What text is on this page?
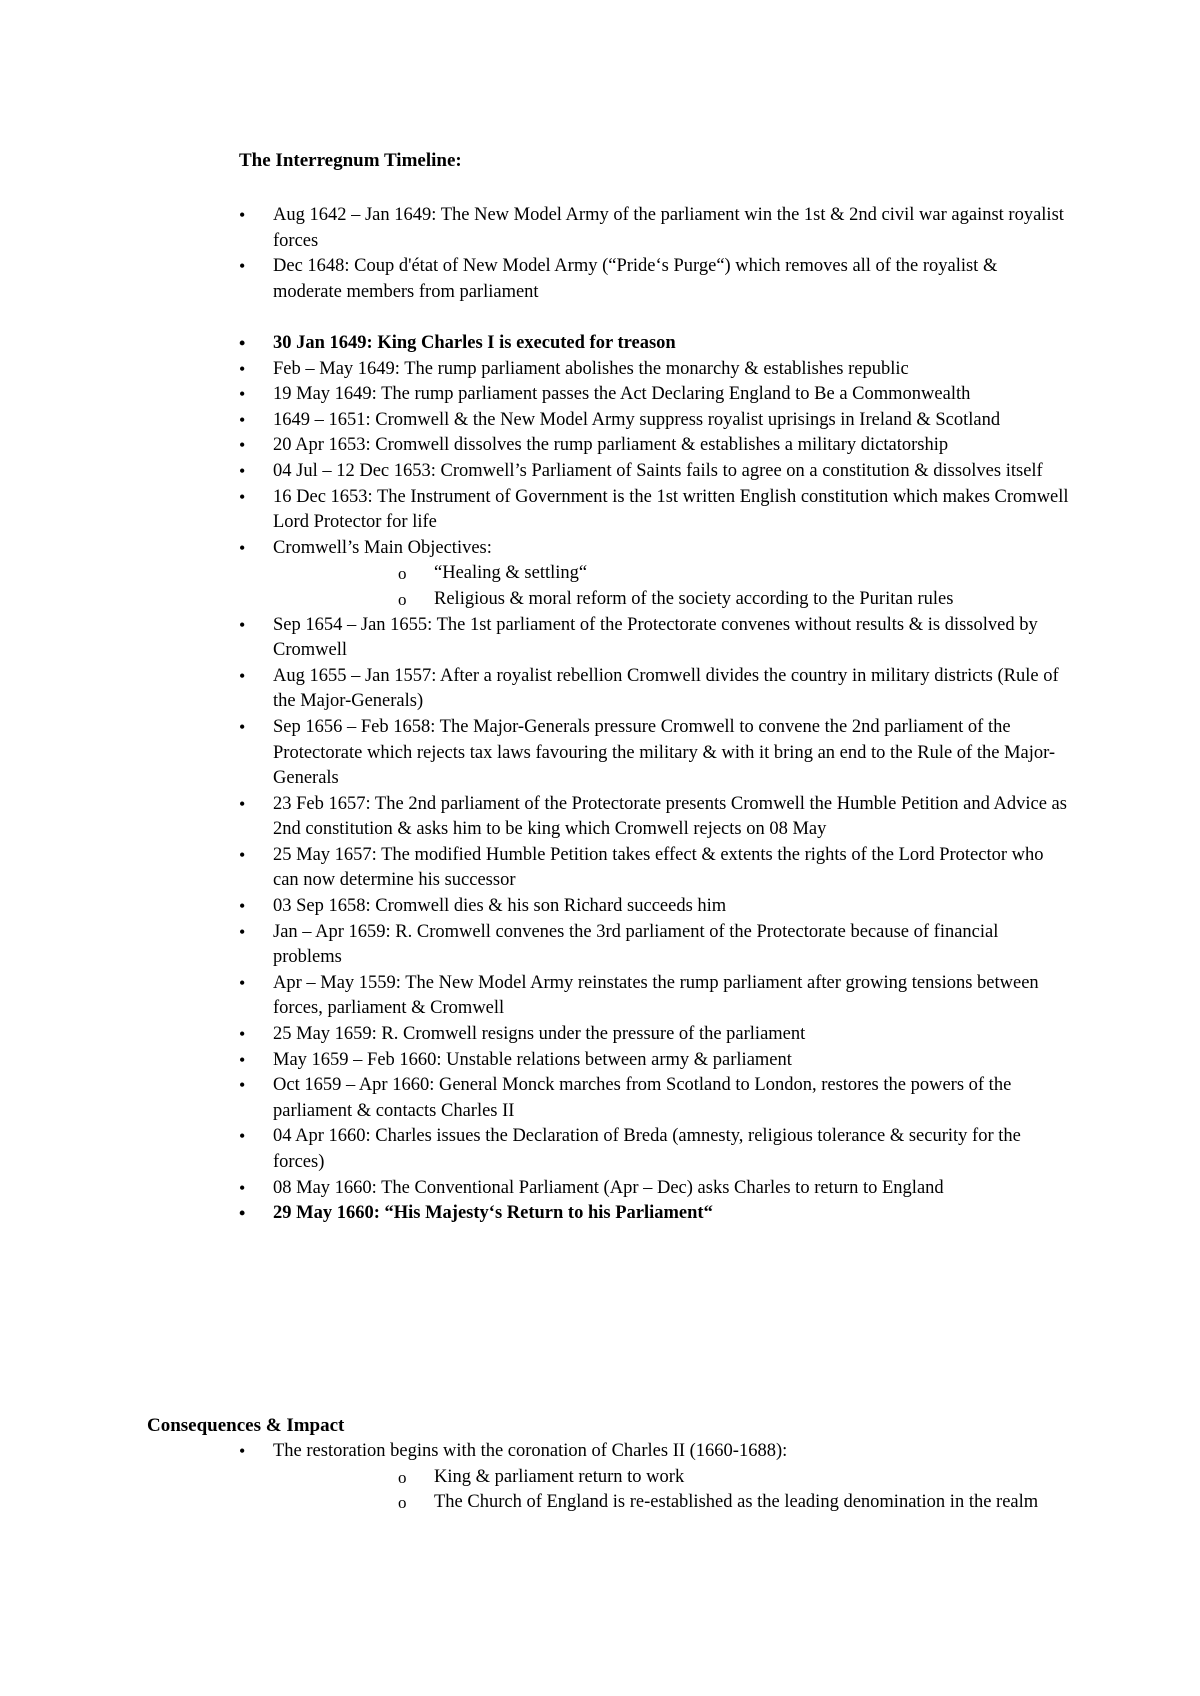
The Interregnum Timeline:

•	Aug 1642 – Jan 1649: The New Model Army of the parliament win the 1st & 2nd civil war against royalist forces
•	Dec 1648: Coup d'état of New Model Army (“Pride‘s Purge“) which removes all of the royalist & moderate members from parliament
•	30 Jan 1649: King Charles I is executed for treason
•	Feb – May 1649: The rump parliament abolishes the monarchy & establishes republic
•	19 May 1649: The rump parliament passes the Act Declaring England to Be a Commonwealth
•	1649 – 1651: Cromwell & the New Model Army suppress royalist uprisings in Ireland & Scotland
•	20 Apr 1653: Cromwell dissolves the rump parliament & establishes a military dictatorship
•	04 Jul – 12 Dec 1653: Cromwell’s Parliament of Saints fails to agree on a constitution & dissolves itself
•	16 Dec 1653: The Instrument of Government is the 1st written English constitution which makes Cromwell Lord Protector for life
•	Cromwell’s Main Objectives:
o	“Healing & settling“
o	Religious & moral reform of the society according to the Puritan rules
•	Sep 1654 – Jan 1655: The 1st parliament of the Protectorate convenes without results & is dissolved by Cromwell
•	Aug 1655 – Jan 1557: After a royalist rebellion Cromwell divides the country in military districts (Rule of the Major-Generals)
•	Sep 1656 – Feb 1658: The Major-Generals pressure Cromwell to convene the 2nd parliament of the Protectorate which rejects tax laws favouring the military & with it bring an end to the Rule of the Major-Generals
•	23 Feb 1657: The 2nd parliament of the Protectorate presents Cromwell the Humble Petition and Advice as 2nd constitution & asks him to be king which Cromwell rejects on 08 May
•	25 May 1657: The modified Humble Petition takes effect & extents the rights of the Lord Protector who can now determine his successor
•	03 Sep 1658: Cromwell dies & his son Richard succeeds him
•	Jan – Apr 1659: R. Cromwell convenes the 3rd parliament of the Protectorate because of financial problems
•	Apr – May 1559: The New Model Army reinstates the rump parliament after growing tensions between forces, parliament & Cromwell
•	25 May 1659: R. Cromwell resigns under the pressure of the parliament
•	May 1659 – Feb 1660: Unstable relations between army & parliament
•	Oct 1659 – Apr 1660: General Monck marches from Scotland to London, restores the powers of the parliament & contacts Charles II
•	04 Apr 1660: Charles issues the Declaration of Breda (amnesty, religious tolerance & security for the forces)
•	08 May 1660: The Conventional Parliament (Apr – Dec) asks Charles to return to England
•	29 May 1660: “His Majesty‘s Return to his Parliament“

Consequences & Impact

•	The restoration begins with the coronation of Charles II (1660-1688):
o	King & parliament return to work
o	The Church of England is re-established as the leading denomination in the realm
